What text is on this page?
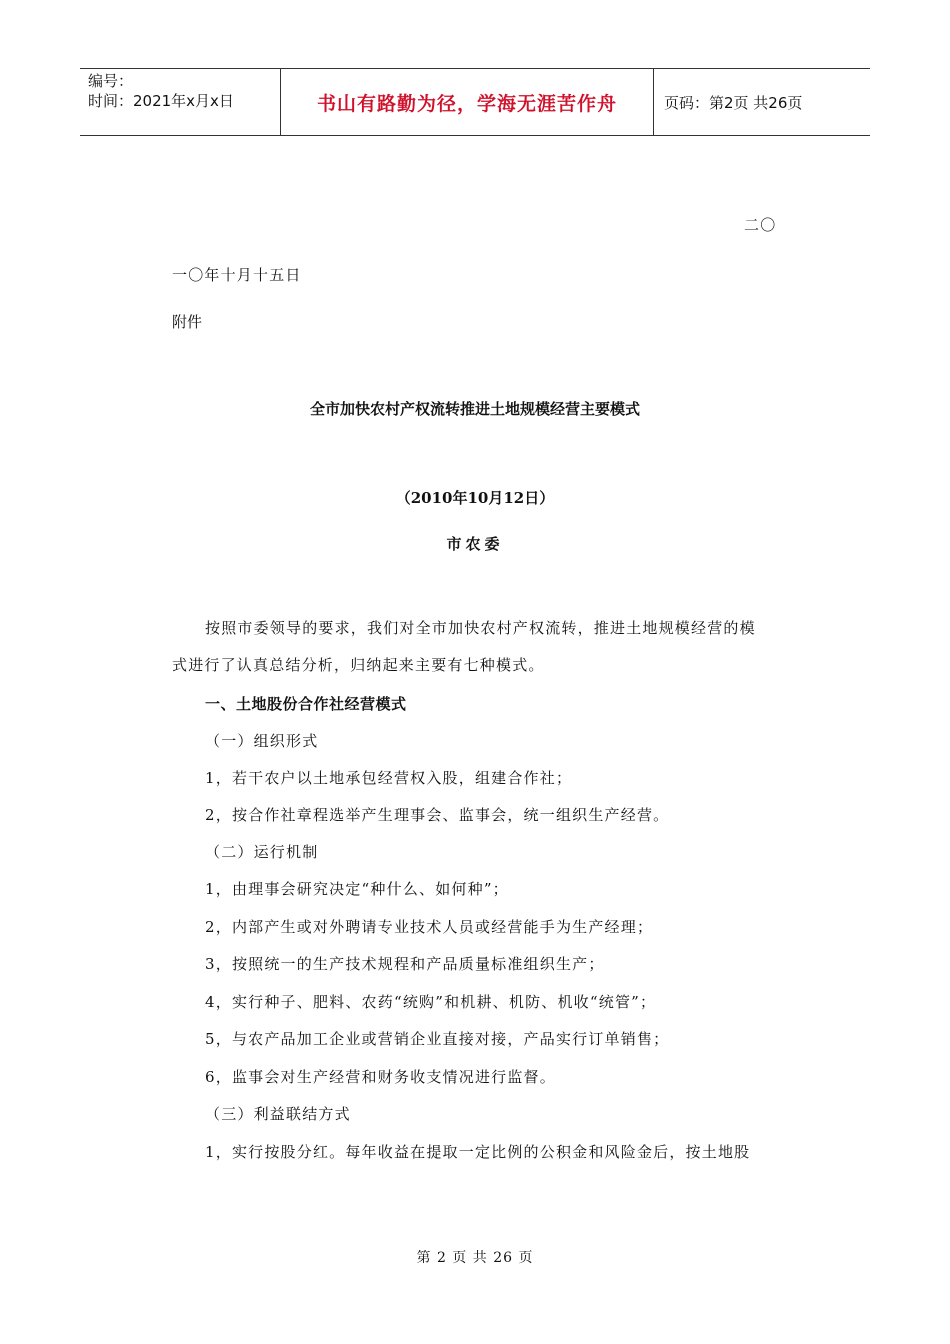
编号：
时间：2021年x月x日	书山有路勤为径，学海无涯苦作舟	页码：第2页 共26页
二〇
一〇年十月十五日
附件
全市加快农村产权流转推进土地规模经营主要模式
（2010年10月12日）
市农委
按照市委领导的要求，我们对全市加快农村产权流转，推进土地规模经营的模
式进行了认真总结分析，归纳起来主要有七种模式。
一、土地股份合作社经营模式
（一）组织形式
1，若干农户以土地承包经营权入股，组建合作社；
2，按合作社章程选举产生理事会、监事会，统一组织生产经营。
（二）运行机制
1，由理事会研究决定“种什么、如何种”；
2，内部产生或对外聘请专业技术人员或经营能手为生产经理；
3，按照统一的生产技术规程和产品质量标准组织生产；
4，实行种子、肥料、农药“统购”和机耕、机防、机收“统管”；
5，与农产品加工企业或营销企业直接对接，产品实行订单销售；
6，监事会对生产经营和财务收支情况进行监督。
（三）利益联结方式
1，实行按股分红。每年收益在提取一定比例的公积金和风险金后，按土地股
第 2 页 共 26 页
